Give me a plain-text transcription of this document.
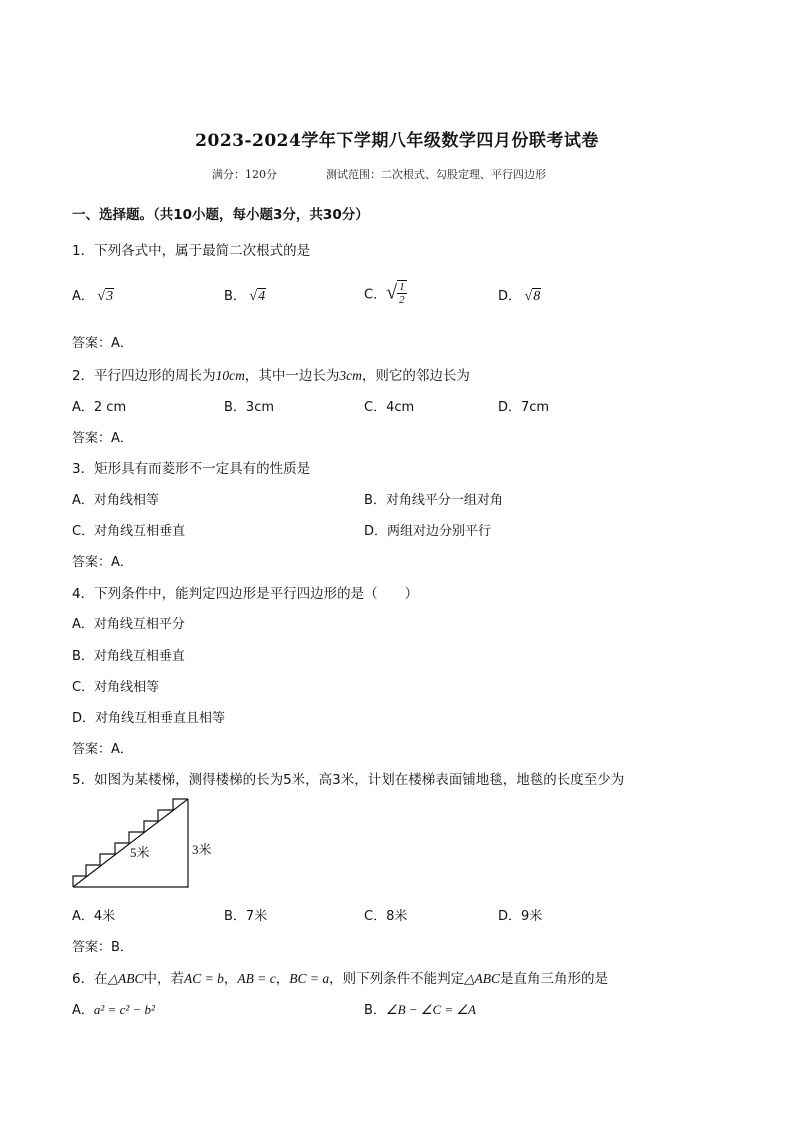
2023-2024学年下学期八年级数学四月份联考试卷
满分：120分	测试范围：二次根式、勾股定理、平行四边形
一、选择题。（共10小题，每小题3分，共30分）
1．下列各式中，属于最简二次根式的是
A． √3	B． √4	C．√ $\frac{1}{2}$	D． √8
答案：A．
2．平行四边形的周长为10cm，其中一边长为3cm，则它的邻边长为
A．2 cm	B．3cm	C．4cm	D．7cm
答案：A．
3．矩形具有而菱形不一定具有的性质是
A．对角线相等	B．对角线平分一组对角
C．对角线互相垂直	D．两组对边分别平行
答案：A．
4．下列条件中，能判定四边形是平行四边形的是（　　）
A．对角线互相平分
B．对角线互相垂直
C．对角线相等
D．对角线互相垂直且相等
答案：A．
5．如图为某楼梯，测得楼梯的长为5米，高3米，计划在楼梯表面铺地毯，地毯的长度至少为
5米	3米
A．4米	B．7米	C．8米	D．9米
答案：B．
6．在△ABC中，若AC = b，AB = c，BC = a，则下列条件不能判定△ABC是直角三角形的是
A．a² = c² − b²	B．∠B − ∠C = ∠A
